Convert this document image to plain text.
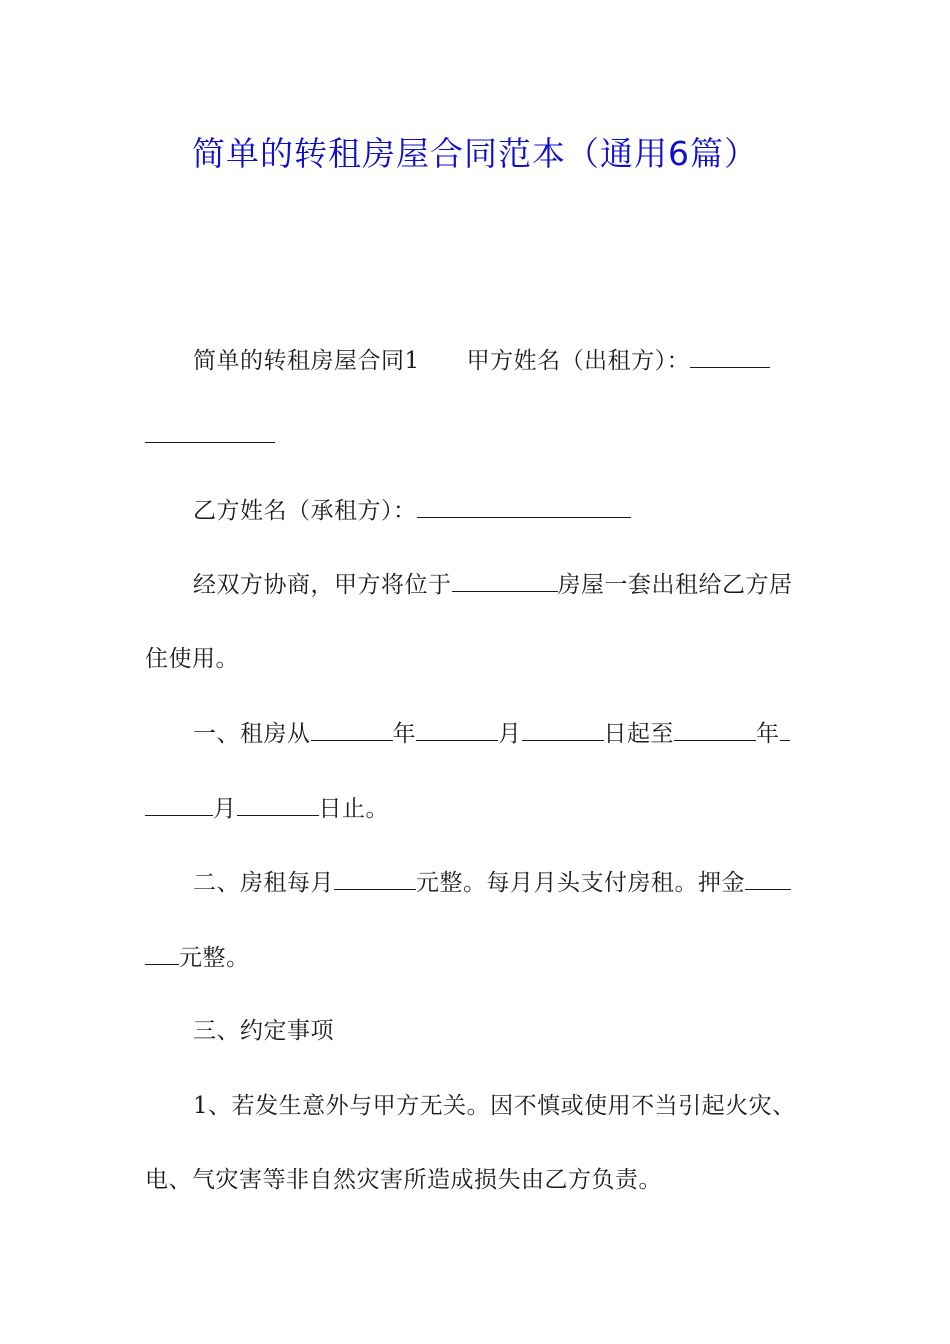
简单的转租房屋合同范本（通用6篇）
简单的转租房屋合同1　　甲方姓名（出租方）：
乙方姓名（承租方）：
经双方协商，甲方将位于	房屋一套出租给乙方居
住使用。
一、租房从	年	月	日起至	年
月	日止。
二、房租每月	元整。每月月头支付房租。押金
元整。
三、约定事项
1、若发生意外与甲方无关。因不慎或使用不当引起火灾、
电、气灾害等非自然灾害所造成损失由乙方负责。
